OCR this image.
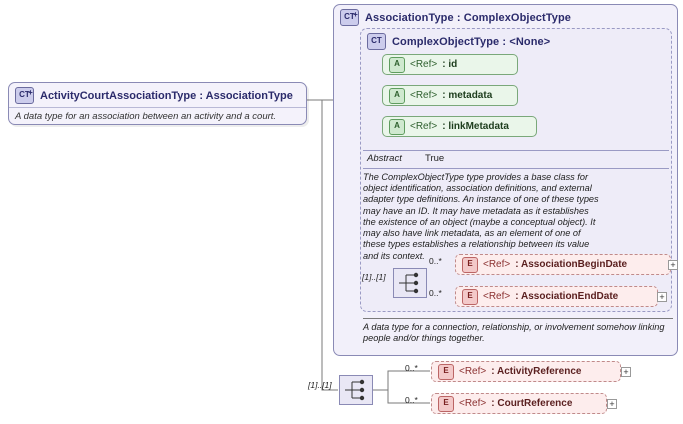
CT
+ ActivityCourtAssociationType : AssociationType
A data type for an association between an activity and a court.
CT
+ AssociationType : ComplexObjectType
A data type for a connection, relationship, or involvement somehow linking people and/or things together.
CT ComplexObjectType : <None>
A	<Ref> : id
A	<Ref> : metadata
A	<Ref> : linkMetadata
Abstract	True
The ComplexObjectType type provides a base class for object identification, association definitions, and external adapter type definitions. An instance of one of these types may have an ID. It may have metadata as it establishes the existence of an object (maybe a conceptual object). It may also have link metadata, as an element of one of these types establishes a relationship between its value and its context.
[1]..[1]
0..*	E	<Ref> : AssociationBeginDate	+
0..*	E	<Ref> : AssociationEndDate	+
[1]..[1]
0..*	E	<Ref> : ActivityReference	+
0..*	E	<Ref> : CourtReference	+
